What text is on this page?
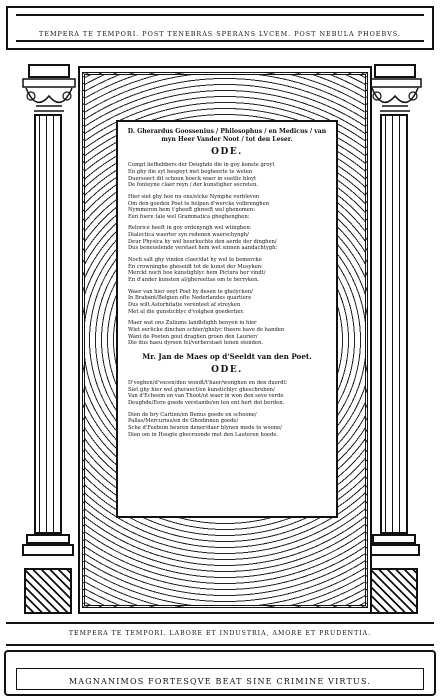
TEMPERA TE TEMPORI. POST TENEBRAS SPERANS LVCEM. POST NEBULA PHOEBVS.
D. Gherardus Goossenius / Philosophus / en Medicus / van myn Heer Vander Noot / tot den Leser.
ODE.
Compt liefhebbers der Deughde die in goy konste groyt
En ghy die syt bespoyt met begheerte te weten
Duersoect dit schoon boeck waer in suetlic bloyt
De fonteyne claer reyn / der kunstigher secreten.
Hier siet ghy hoe nu ons/elcke Nymphe verbleven
Om den goeden Poet te helpen d'wercke volbrenghen
Nymmeron hem t'gheeft ghreeft wel ghenomen:
Een fuere tale wel Grammatica gheghenghen:
Reloricé heeft in goy ordenyngh wel wtinghen:
Dialectica waerter syn redenen waerschyngh/
Deur Physica hy wel beurkuchte den aerde der dinghen/
Dus beneuelende verstaet hem wet sinnen aandachtygh:
Noch salt ghy vinden claer/dat hy wel te bemercke
En crowninghe gheseidt tot de kunst der Musyken:
Merckt noch hoe kunstighlyc hem Pictura her vindt/
En d'ander kunsten al/ghereeltas om te berryken.
Waer van hier ooyt Poet hy desen te ghelycken/
In Brabant/Belgien ofte Nederlandes quartiere
Dus wilt Astorhitatie verenteet af streyken
Met al die gunstichlyc d'volghen goedertier.
Maer wat ons Zuliums landtdighh benyen in hier
Wiet eerlicke dinchen schier/ghelyc theere have de handen
Want de Poeten gout draghen groen den Laurier/
Die dus haeu dyrsen fel/verberstaet tenen stonden.
Mr. Jan de Maes op d'Seeldt van den Poet.
ODE.
D'voghen/d'vocen/den wondt/t'haer/wonghen en den duerdt:
Siet ghy hier wel gheraect/en kunstichlyc gheschreben/
Van d'Echeem en van Thoot/ut waer in won den seve verde
Deughde/Eere goede verstande/en ten ent hert dot berden.
Dien de bry Cartien/en Benus goede en schoone/
Pallas/Mercurius/en de Ghodinnen goede/
Sche d'Feebum heuren dener/daer blynen mede to woone/
Dien om in Hoogte ghecroonde met den Lauteren hoede.
TEMPERA TE TEMPORI. LABORE ET INDUSTRIA, AMORE ET PRUDENTIA.
MAGNANIMOS FORTESQVE BEAT SINE CRIMINE VIRTUS.
